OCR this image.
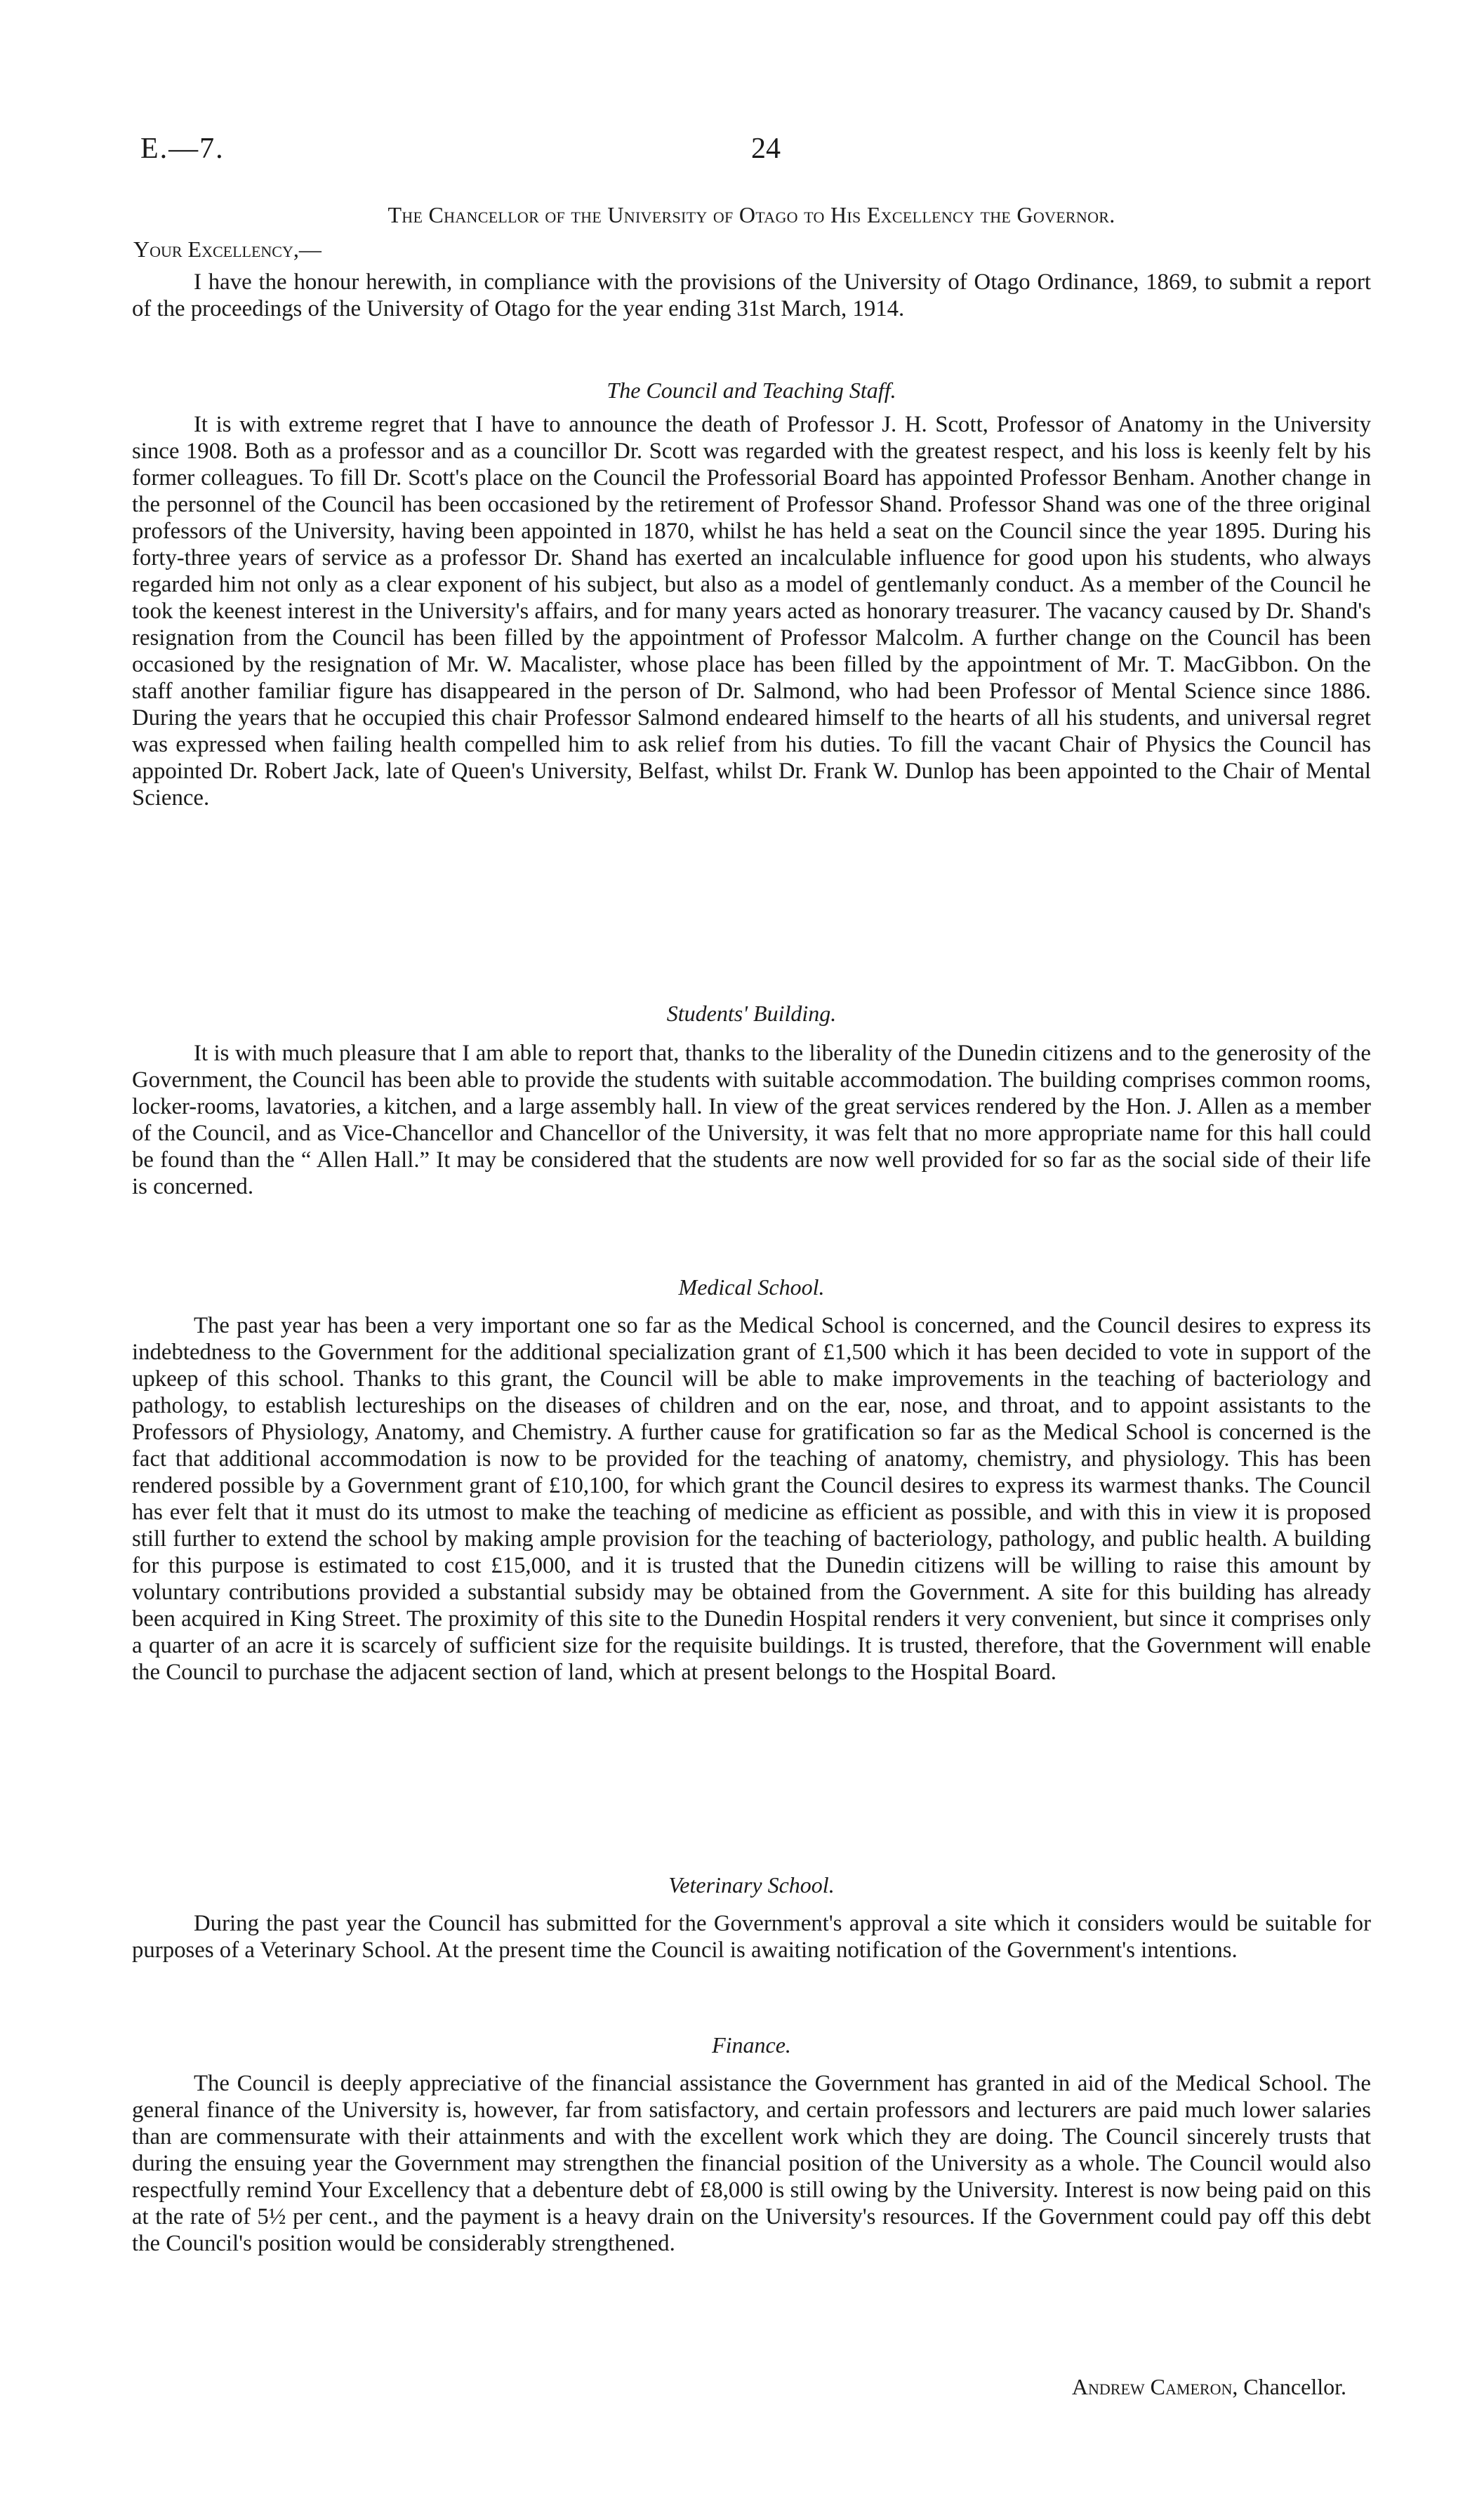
E.—7.	24
The Chancellor of the University of Otago to His Excellency the Governor.
Your Excellency,—

I have the honour herewith, in compliance with the provisions of the University of Otago Ordinance, 1869, to submit a report of the proceedings of the University of Otago for the year ending 31st March, 1914.

The Council and Teaching Staff.

It is with extreme regret that I have to announce the death of Professor J. H. Scott, Professor of Anatomy in the University since 1908. Both as a professor and as a councillor Dr. Scott was regarded with the greatest respect, and his loss is keenly felt by his former colleagues. To fill Dr. Scott's place on the Council the Professorial Board has appointed Professor Benham. Another change in the personnel of the Council has been occasioned by the retirement of Professor Shand. Professor Shand was one of the three original professors of the University, having been appointed in 1870, whilst he has held a seat on the Council since the year 1895. During his forty-three years of service as a professor Dr. Shand has exerted an incalculable influence for good upon his students, who always regarded him not only as a clear exponent of his subject, but also as a model of gentlemanly conduct. As a member of the Council he took the keenest interest in the University's affairs, and for many years acted as honorary treasurer. The vacancy caused by Dr. Shand's resignation from the Council has been filled by the appointment of Professor Malcolm. A further change on the Council has been occasioned by the resignation of Mr. W. Macalister, whose place has been filled by the appointment of Mr. T. MacGibbon. On the staff another familiar figure has disappeared in the person of Dr. Salmond, who had been Professor of Mental Science since 1886. During the years that he occupied this chair Professor Salmond endeared himself to the hearts of all his students, and universal regret was expressed when failing health compelled him to ask relief from his duties. To fill the vacant Chair of Physics the Council has appointed Dr. Robert Jack, late of Queen's University, Belfast, whilst Dr. Frank W. Dunlop has been appointed to the Chair of Mental Science.

Students' Building.

It is with much pleasure that I am able to report that, thanks to the liberality of the Dunedin citizens and to the generosity of the Government, the Council has been able to provide the students with suitable accommodation. The building comprises common rooms, locker-rooms, lavatories, a kitchen, and a large assembly hall. In view of the great services rendered by the Hon. J. Allen as a member of the Council, and as Vice-Chancellor and Chancellor of the University, it was felt that no more appropriate name for this hall could be found than the “ Allen Hall.” It may be considered that the students are now well provided for so far as the social side of their life is concerned.

Medical School.

The past year has been a very important one so far as the Medical School is concerned, and the Council desires to express its indebtedness to the Government for the additional specialization grant of £1,500 which it has been decided to vote in support of the upkeep of this school. Thanks to this grant, the Council will be able to make improvements in the teaching of bacteriology and pathology, to establish lectureships on the diseases of children and on the ear, nose, and throat, and to appoint assistants to the Professors of Physiology, Anatomy, and Chemistry. A further cause for gratification so far as the Medical School is concerned is the fact that additional accommodation is now to be provided for the teaching of anatomy, chemistry, and physiology. This has been rendered possible by a Government grant of £10,100, for which grant the Council desires to express its warmest thanks. The Council has ever felt that it must do its utmost to make the teaching of medicine as efficient as possible, and with this in view it is proposed still further to extend the school by making ample provision for the teaching of bacteriology, pathology, and public health. A building for this purpose is estimated to cost £15,000, and it is trusted that the Dunedin citizens will be willing to raise this amount by voluntary contributions provided a substantial subsidy may be obtained from the Government. A site for this building has already been acquired in King Street. The proximity of this site to the Dunedin Hospital renders it very convenient, but since it comprises only a quarter of an acre it is scarcely of sufficient size for the requisite buildings. It is trusted, therefore, that the Government will enable the Council to purchase the adjacent section of land, which at present belongs to the Hospital Board.

Veterinary School.

During the past year the Council has submitted for the Government's approval a site which it considers would be suitable for purposes of a Veterinary School. At the present time the Council is awaiting notification of the Government's intentions.

Finance.

The Council is deeply appreciative of the financial assistance the Government has granted in aid of the Medical School. The general finance of the University is, however, far from satisfactory, and certain professors and lecturers are paid much lower salaries than are commensurate with their attainments and with the excellent work which they are doing. The Council sincerely trusts that during the ensuing year the Government may strengthen the financial position of the University as a whole. The Council would also respectfully remind Your Excellency that a debenture debt of £8,000 is still owing by the University. Interest is now being paid on this at the rate of 5½ per cent., and the payment is a heavy drain on the University's resources. If the Government could pay off this debt the Council's position would be considerably strengthened.

Andrew Cameron, Chancellor.
